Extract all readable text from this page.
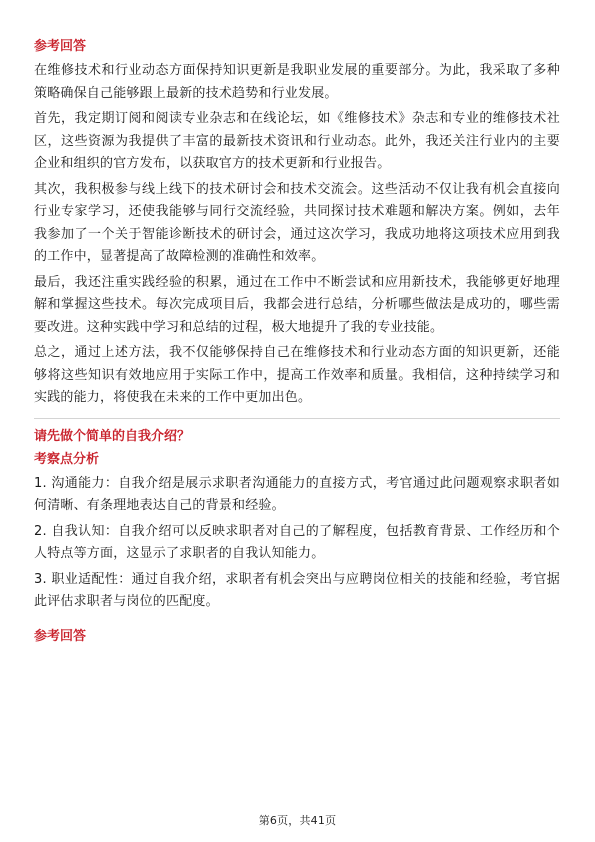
参考回答

在维修技术和行业动态方面保持知识更新是我职业发展的重要部分。为此，我采取了多种策略确保自己能够跟上最新的技术趋势和行业发展。

首先，我定期订阅和阅读专业杂志和在线论坛，如《维修技术》杂志和专业的维修技术社区，这些资源为我提供了丰富的最新技术资讯和行业动态。此外，我还关注行业内的主要企业和组织的官方发布，以获取官方的技术更新和行业报告。

其次，我积极参与线上线下的技术研讨会和技术交流会。这些活动不仅让我有机会直接向行业专家学习，还使我能够与同行交流经验，共同探讨技术难题和解决方案。例如，去年我参加了一个关于智能诊断技术的研讨会，通过这次学习，我成功地将这项技术应用到我的工作中，显著提高了故障检测的准确性和效率。

最后，我还注重实践经验的积累，通过在工作中不断尝试和应用新技术，我能够更好地理解和掌握这些技术。每次完成项目后，我都会进行总结，分析哪些做法是成功的，哪些需要改进。这种实践中学习和总结的过程，极大地提升了我的专业技能。

总之，通过上述方法，我不仅能够保持自己在维修技术和行业动态方面的知识更新，还能够将这些知识有效地应用于实际工作中，提高工作效率和质量。我相信，这种持续学习和实践的能力，将使我在未来的工作中更加出色。

请先做个简单的自我介绍？

考察点分析

1. 沟通能力：自我介绍是展示求职者沟通能力的直接方式，考官通过此问题观察求职者如何清晰、有条理地表达自己的背景和经验。

2. 自我认知：自我介绍可以反映求职者对自己的了解程度，包括教育背景、工作经历和个人特点等方面，这显示了求职者的自我认知能力。

3. 职业适配性：通过自我介绍，求职者有机会突出与应聘岗位相关的技能和经验，考官据此评估求职者与岗位的匹配度。

参考回答

第6页，共41页
